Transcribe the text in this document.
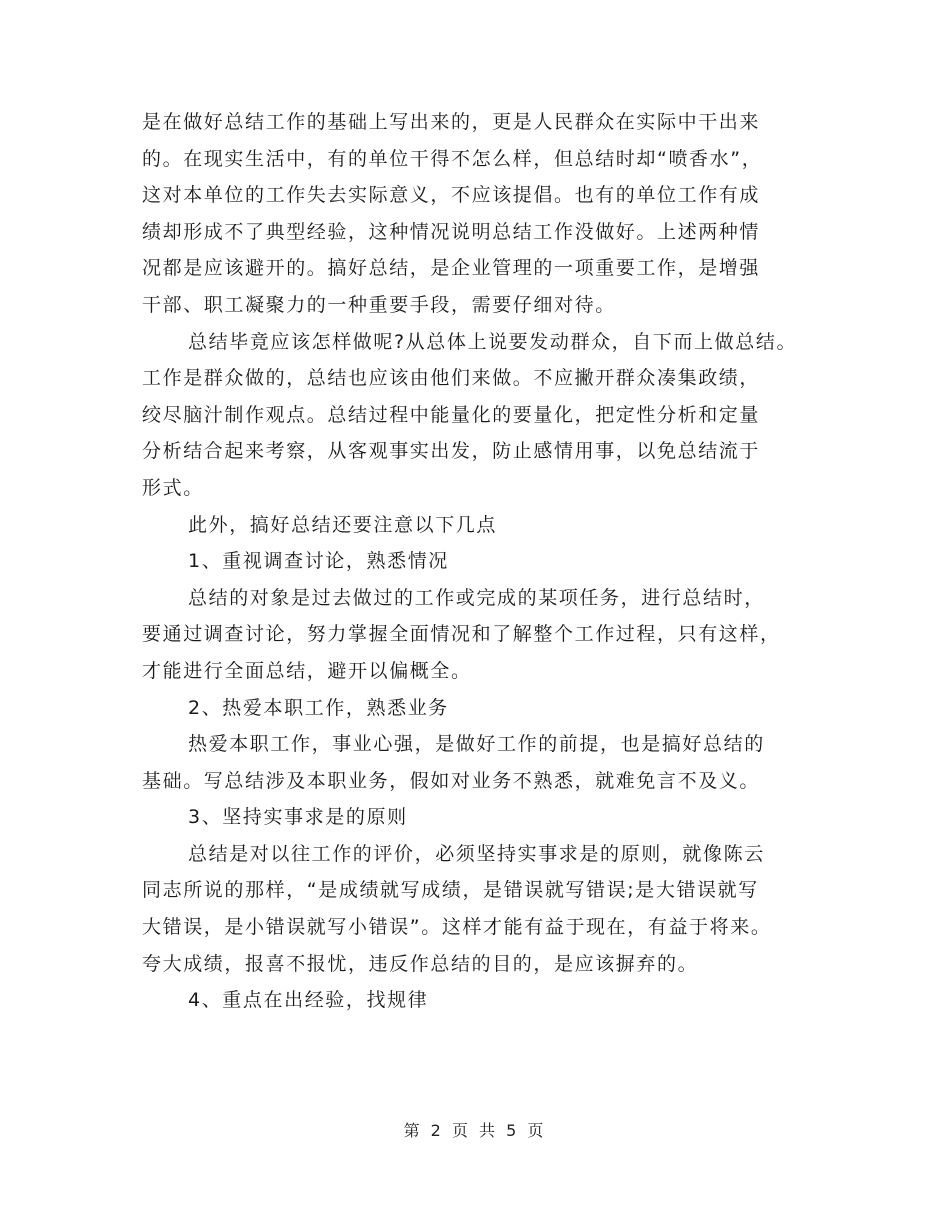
是在做好总结工作的基础上写出来的，更是人民群众在实际中干出来
的。在现实生活中，有的单位干得不怎么样，但总结时却“喷香水”，
这对本单位的工作失去实际意义，不应该提倡。也有的单位工作有成
绩却形成不了典型经验，这种情况说明总结工作没做好。上述两种情
况都是应该避开的。搞好总结，是企业管理的一项重要工作，是增强
干部、职工凝聚力的一种重要手段，需要仔细对待。
总结毕竟应该怎样做呢?从总体上说要发动群众，自下而上做总结。
工作是群众做的，总结也应该由他们来做。不应撇开群众凑集政绩，
绞尽脑汁制作观点。总结过程中能量化的要量化，把定性分析和定量
分析结合起来考察，从客观事实出发，防止感情用事，以免总结流于
形式。
此外，搞好总结还要注意以下几点
1、重视调查讨论，熟悉情况
总结的对象是过去做过的工作或完成的某项任务，进行总结时，
要通过调查讨论，努力掌握全面情况和了解整个工作过程，只有这样，
才能进行全面总结，避开以偏概全。
2、热爱本职工作，熟悉业务
热爱本职工作，事业心强，是做好工作的前提，也是搞好总结的
基础。写总结涉及本职业务，假如对业务不熟悉，就难免言不及义。
3、坚持实事求是的原则
总结是对以往工作的评价，必须坚持实事求是的原则，就像陈云
同志所说的那样，“是成绩就写成绩，是错误就写错误;是大错误就写
大错误，是小错误就写小错误”。这样才能有益于现在，有益于将来。
夸大成绩，报喜不报忧，违反作总结的目的，是应该摒弃的。
4、重点在出经验，找规律
第 2 页 共 5 页
